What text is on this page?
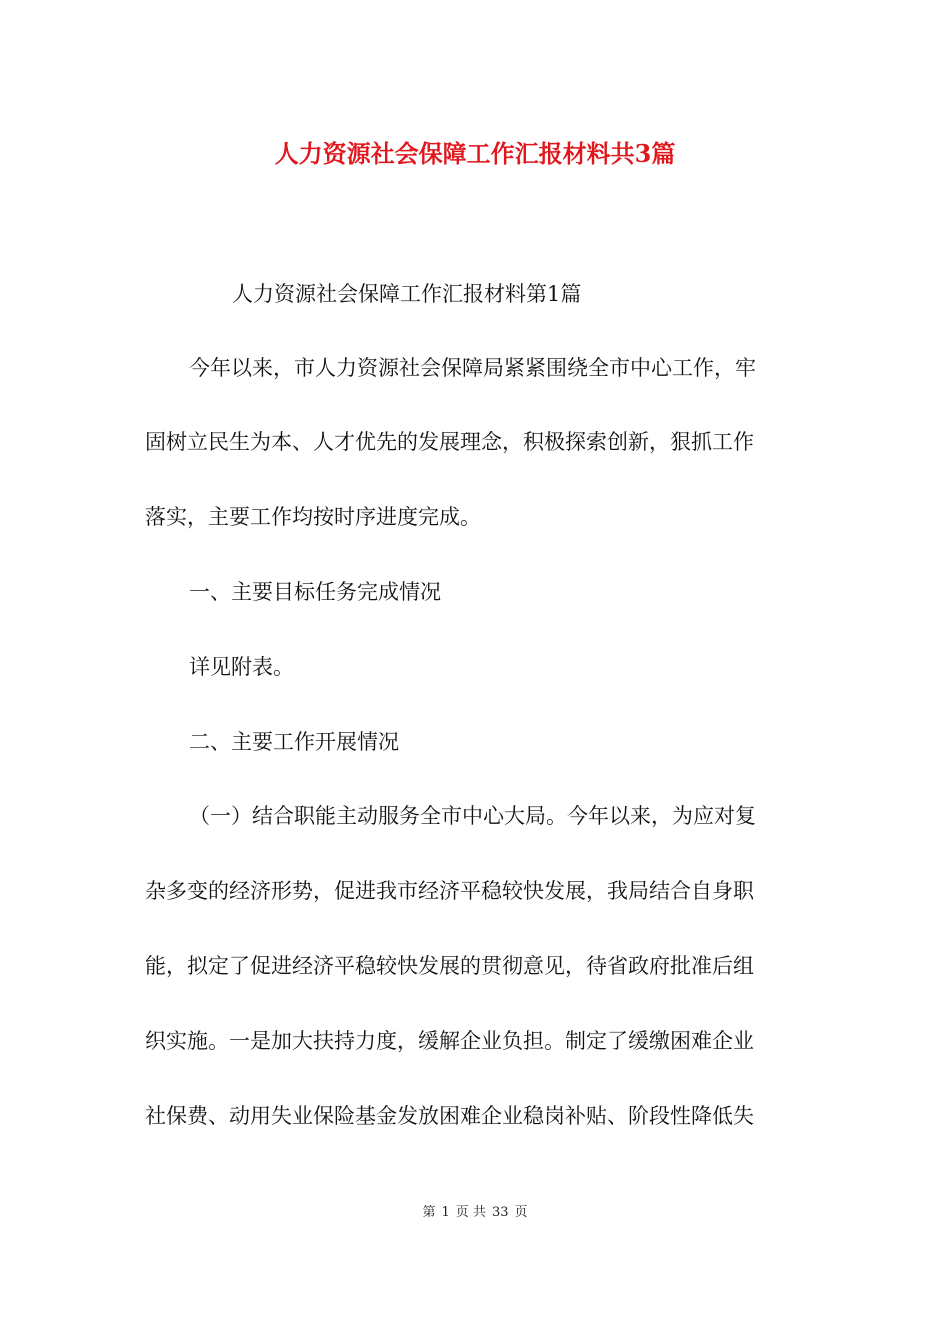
人力资源社会保障工作汇报材料共3篇

人力资源社会保障工作汇报材料第1篇

今年以来，市人力资源社会保障局紧紧围绕全市中心工作，牢

固树立民生为本、人才优先的发展理念，积极探索创新，狠抓工作

落实，主要工作均按时序进度完成。

一、主要目标任务完成情况

详见附表。

二、主要工作开展情况

（一）结合职能主动服务全市中心大局。今年以来，为应对复

杂多变的经济形势，促进我市经济平稳较快发展，我局结合自身职

能，拟定了促进经济平稳较快发展的贯彻意见，待省政府批准后组

织实施。一是加大扶持力度，缓解企业负担。制定了缓缴困难企业

社保费、动用失业保险基金发放困难企业稳岗补贴、阶段性降低失

第 1 页 共 33 页
